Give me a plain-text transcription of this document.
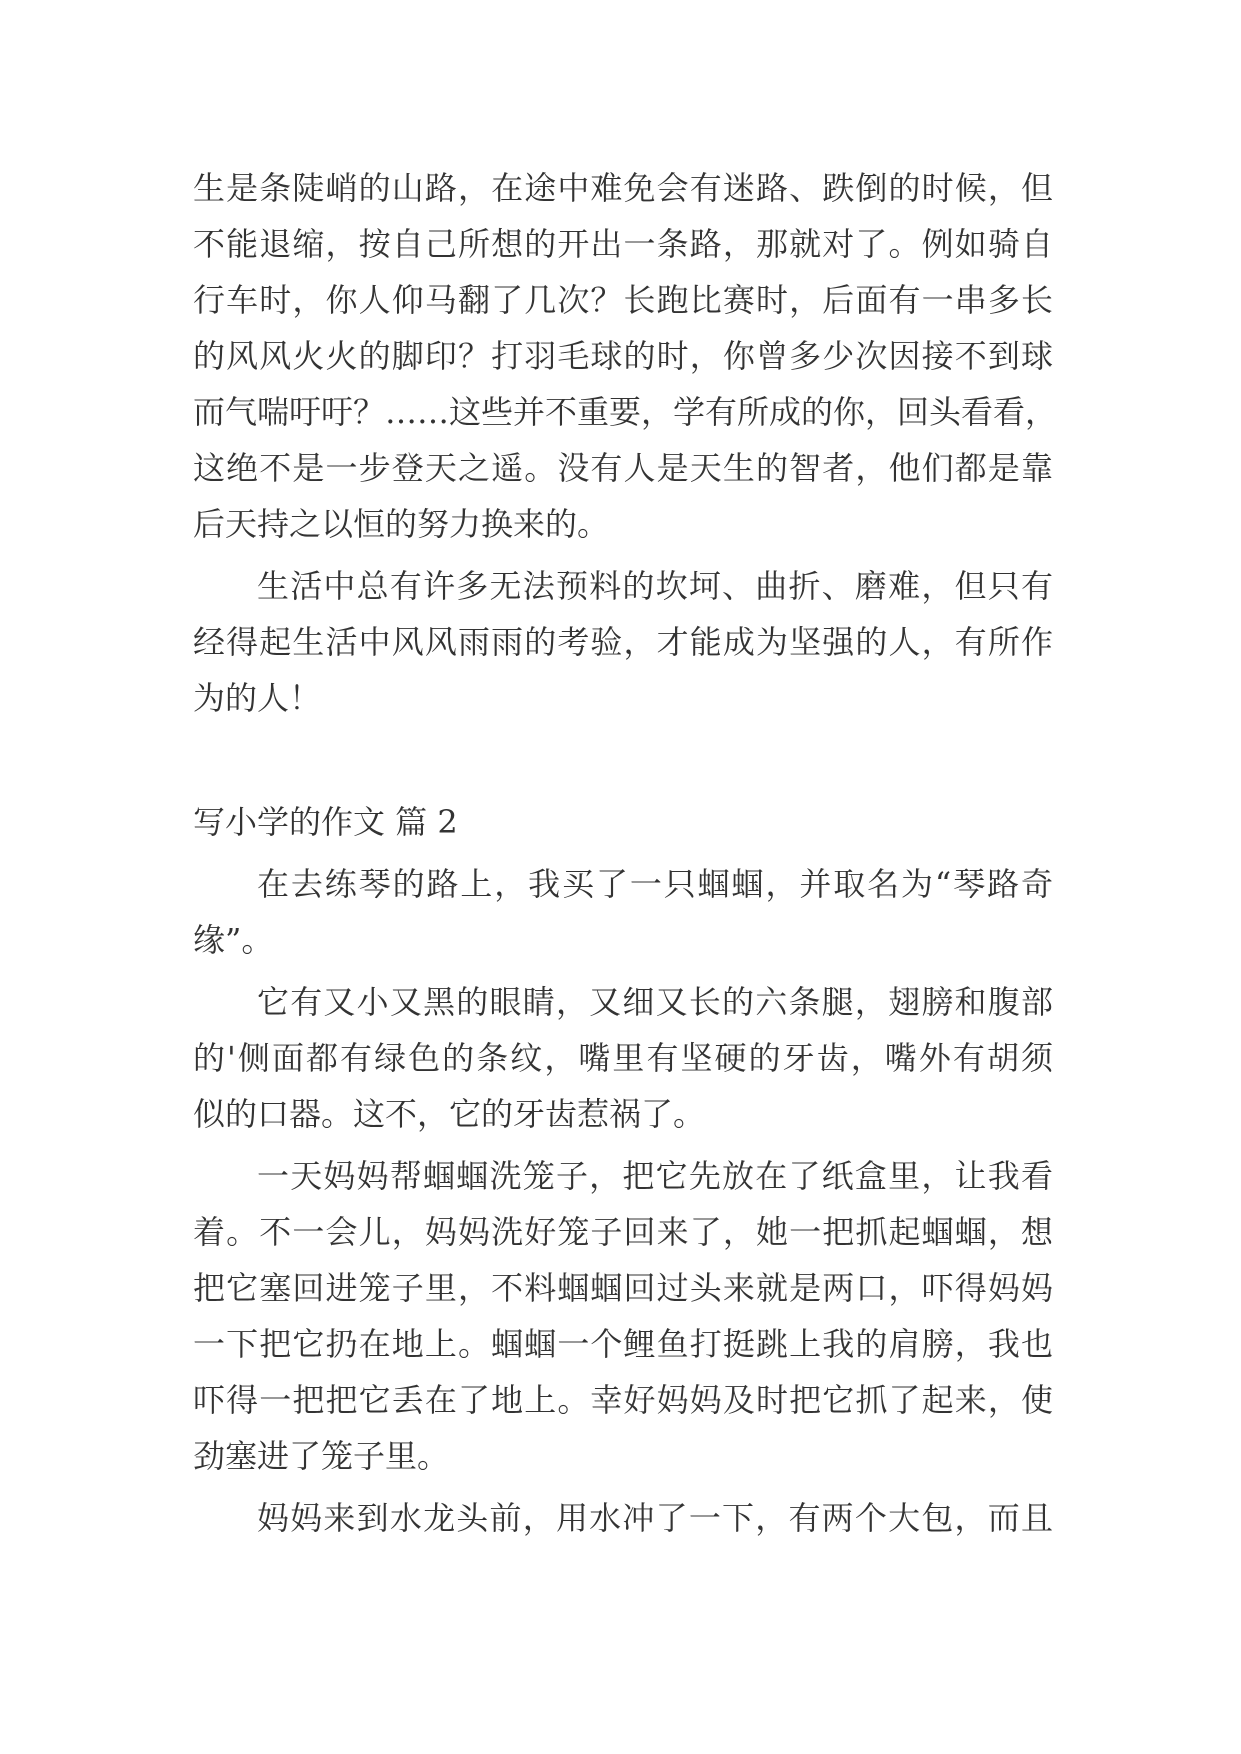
生是条陡峭的山路，在途中难免会有迷路、跌倒的时候，但
不能退缩，按自己所想的开出一条路，那就对了。例如骑自
行车时，你人仰马翻了几次？长跑比赛时，后面有一串多长
的风风火火的脚印？打羽毛球的时，你曾多少次因接不到球
而气喘吁吁？……这些并不重要，学有所成的你，回头看看，
这绝不是一步登天之遥。没有人是天生的智者，他们都是靠
后天持之以恒的努力换来的。
生活中总有许多无法预料的坎坷、曲折、磨难，但只有
经得起生活中风风雨雨的考验，才能成为坚强的人，有所作
为的人！
写小学的作文 篇 2
在去练琴的路上，我买了一只蝈蝈，并取名为“琴路奇
缘”。
它有又小又黑的眼睛，又细又长的六条腿，翅膀和腹部
的'侧面都有绿色的条纹，嘴里有坚硬的牙齿，嘴外有胡须
似的口器。这不，它的牙齿惹祸了。
一天妈妈帮蝈蝈洗笼子，把它先放在了纸盒里，让我看
着。不一会儿，妈妈洗好笼子回来了，她一把抓起蝈蝈，想
把它塞回进笼子里，不料蝈蝈回过头来就是两口，吓得妈妈
一下把它扔在地上。蝈蝈一个鲤鱼打挺跳上我的肩膀，我也
吓得一把把它丢在了地上。幸好妈妈及时把它抓了起来，使
劲塞进了笼子里。
妈妈来到水龙头前，用水冲了一下，有两个大包，而且
